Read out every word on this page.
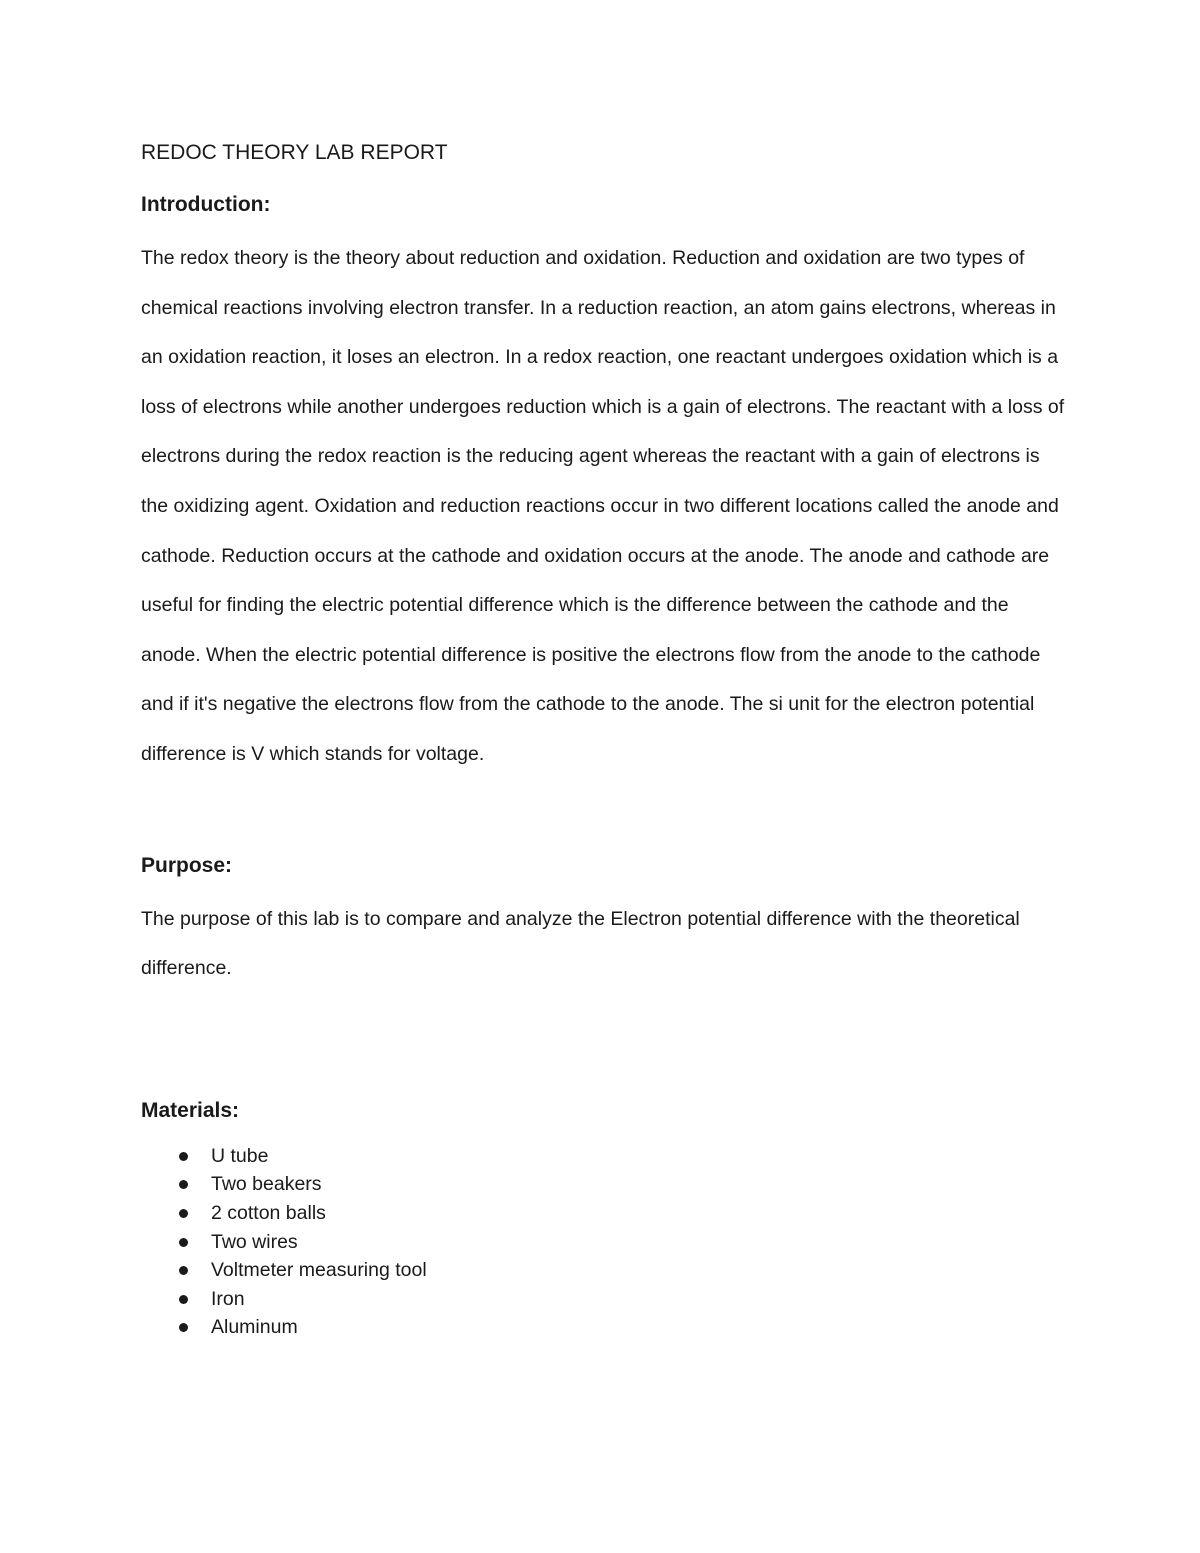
REDOC THEORY LAB REPORT

Introduction:

The redox theory is the theory about reduction and oxidation. Reduction and oxidation are two types of chemical reactions involving electron transfer. In a reduction reaction, an atom gains electrons, whereas in an oxidation reaction, it loses an electron. In a redox reaction, one reactant undergoes oxidation which is a loss of electrons while another undergoes reduction which is a gain of electrons. The reactant with a loss of electrons during the redox reaction is the reducing agent whereas the reactant with a gain of electrons is the oxidizing agent. Oxidation and reduction reactions occur in two different locations called the anode and cathode. Reduction occurs at the cathode and oxidation occurs at the anode. The anode and cathode are useful for finding the electric potential difference which is the difference between the cathode and the anode. When the electric potential difference is positive the electrons flow from the anode to the cathode and if it's negative the electrons flow from the cathode to the anode. The si unit for the electron potential difference is V which stands for voltage.

Purpose:

The purpose of this lab is to compare and analyze the Electron potential difference with the theoretical difference.

Materials:

U tube
Two beakers
2 cotton balls
Two wires
Voltmeter measuring tool
Iron
Aluminum
